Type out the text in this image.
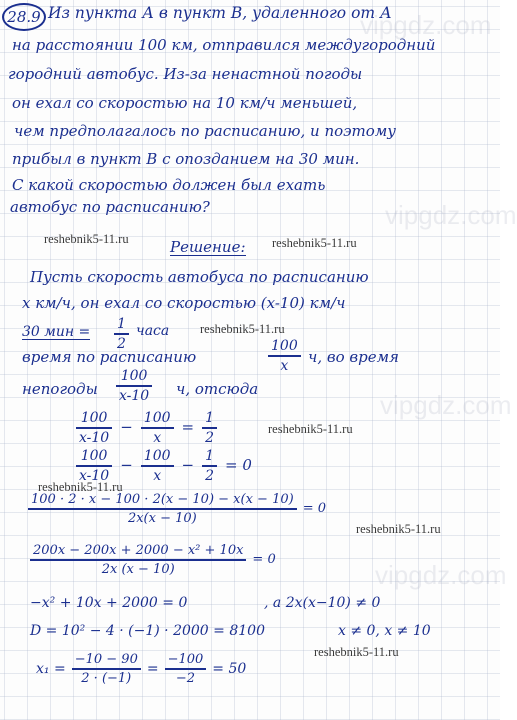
vipgdz.com
vipgdz.com
vipgdz.com
vipgdz.com
28.9 Из пункта А в пункт В, удаленного от А
на расстоянии 100 км, отправился междугородний
городний автобус. Из-за ненастной погоды
он ехал со скоростью на 10 км/ч меньшей,
чем предполагалось по расписанию, и поэтому
прибыл в пункт В с опозданием на 30 мин.
С какой скоростью должен был ехать
автобус по расписанию?
reshebnik5-11.ru	Решение: reshebnik5-11.ru
Пусть скорость автобуса по расписанию
x км/ч, он ехал со скоростью (x-10) км/ч
30 мин = 1
2
часа reshebnik5-11.ru
время по расписанию
100
x ч, во время
непогоды
100
x-10 ч, отсюда
$\frac{100}{x-10} - \frac{100}{x} = \frac{1}{2}$	reshebnik5-11.ru
$\frac{100}{x-10} - \frac{100}{x} - \frac{1}{2} = 0$
reshebnik5-11.ru
$\frac{100 \cdot 2 \cdot x - 100 \cdot 2(x - 10) - x(x - 10)}{2x(x - 10)} = 0$
reshebnik5-11.ru
$\frac{\text{200x − 200x + 2000 − x² + 10x}}{2x (x - 10)} = 0$
−x² + 10x + 2000 = 0	, a 2x(x−10) ≠ 0
D = 10² − 4 · (−1) · 2000 = 8100	x ≠ 0, x ≠ 10
reshebnik5-11.ru
$x_1 = \frac{-10 - 90}{2 \cdot (-1)} = \frac{-100}{-2} = 50$
